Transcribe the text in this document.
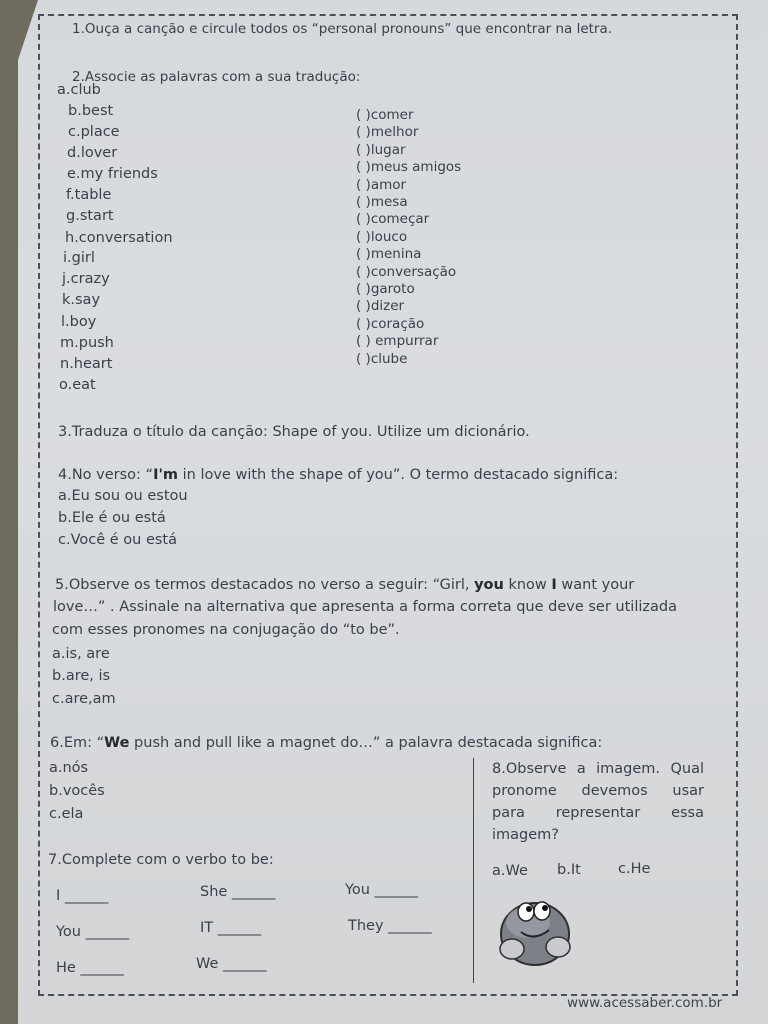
1.Ouça a canção e circule todos os “personal pronouns” que encontrar na letra.
2.Associe as palavras com a sua tradução:
a.club
b.best
c.place
d.lover
e.my friends
f.table
g.start
h.conversation
i.girl
j.crazy
k.say
l.boy
m.push
n.heart
o.eat
( )comer
( )melhor
( )lugar
( )meus amigos
( )amor
( )mesa
( )começar
( )louco
( )menina
( )conversação
( )garoto
( )dizer
( )coração
( ) empurrar
( )clube
3.Traduza o título da canção: Shape of you. Utilize um dicionário.
4.No verso: “I'm in love with the shape of you”. O termo destacado significa:
a.Eu sou ou estou
b.Ele é ou está
c.Você é ou está
5.Observe os termos destacados no verso a seguir: “Girl, you know I want your
love…” . Assinale na alternativa que apresenta a forma correta que deve ser utilizada
com esses pronomes na conjugação do “to be”.
a.is, are
b.are, is
c.are,am
6.Em: “We push and pull like a magnet do…” a palavra destacada significa:
a.nós
b.vocês
c.ela
7.Complete com o verbo to be:
I ______	She ______	You ______
You ______	IT ______	They ______
He ______	We ______
8.Observe a imagem. Qual
pronome devemos usar
para representar essa
imagem?
a.We b.It	c.He
www.acessaber.com.br
